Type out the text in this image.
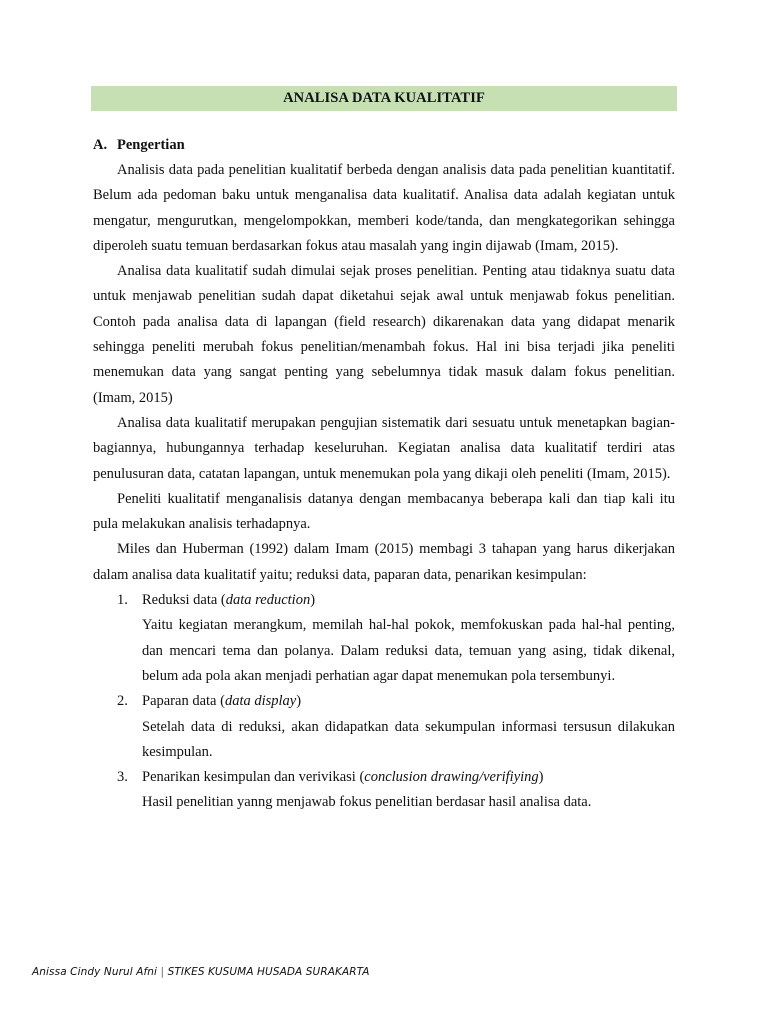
ANALISA DATA KUALITATIF
A. Pengertian

Analisis data pada penelitian kualitatif berbeda dengan analisis data pada penelitian kuantitatif. Belum ada pedoman baku untuk menganalisa data kualitatif. Analisa data adalah kegiatan untuk mengatur, mengurutkan, mengelompokkan, memberi kode/tanda, dan mengkategorikan sehingga diperoleh suatu temuan berdasarkan fokus atau masalah yang ingin dijawab (Imam, 2015).

Analisa data kualitatif sudah dimulai sejak proses penelitian. Penting atau tidaknya suatu data untuk menjawab penelitian sudah dapat diketahui sejak awal untuk menjawab fokus penelitian. Contoh pada analisa data di lapangan (field research) dikarenakan data yang didapat menarik sehingga peneliti merubah fokus penelitian/menambah fokus. Hal ini bisa terjadi jika peneliti menemukan data yang sangat penting yang sebelumnya tidak masuk dalam fokus penelitian. (Imam, 2015)

Analisa data kualitatif merupakan pengujian sistematik dari sesuatu untuk menetapkan bagian-bagiannya, hubungannya terhadap keseluruhan. Kegiatan analisa data kualitatif terdiri atas penulusuran data, catatan lapangan, untuk menemukan pola yang dikaji oleh peneliti (Imam, 2015).

Peneliti kualitatif menganalisis datanya dengan membacanya beberapa kali dan tiap kali itu pula melakukan analisis terhadapnya.

Miles dan Huberman (1992) dalam Imam (2015) membagi 3 tahapan yang harus dikerjakan dalam analisa data kualitatif yaitu; reduksi data, paparan data, penarikan kesimpulan:

1. Reduksi data (data reduction)
Yaitu kegiatan merangkum, memilah hal-hal pokok, memfokuskan pada hal-hal penting, dan mencari tema dan polanya. Dalam reduksi data, temuan yang asing, tidak dikenal, belum ada pola akan menjadi perhatian agar dapat menemukan pola tersembunyi.
2. Paparan data (data display)
Setelah data di reduksi, akan didapatkan data sekumpulan informasi tersusun dilakukan kesimpulan.
3. Penarikan kesimpulan dan verivikasi (conclusion drawing/verifiying)
Hasil penelitian yanng menjawab fokus penelitian berdasar hasil analisa data.
Anissa Cindy Nurul Afni | STIKES KUSUMA HUSADA SURAKARTA
